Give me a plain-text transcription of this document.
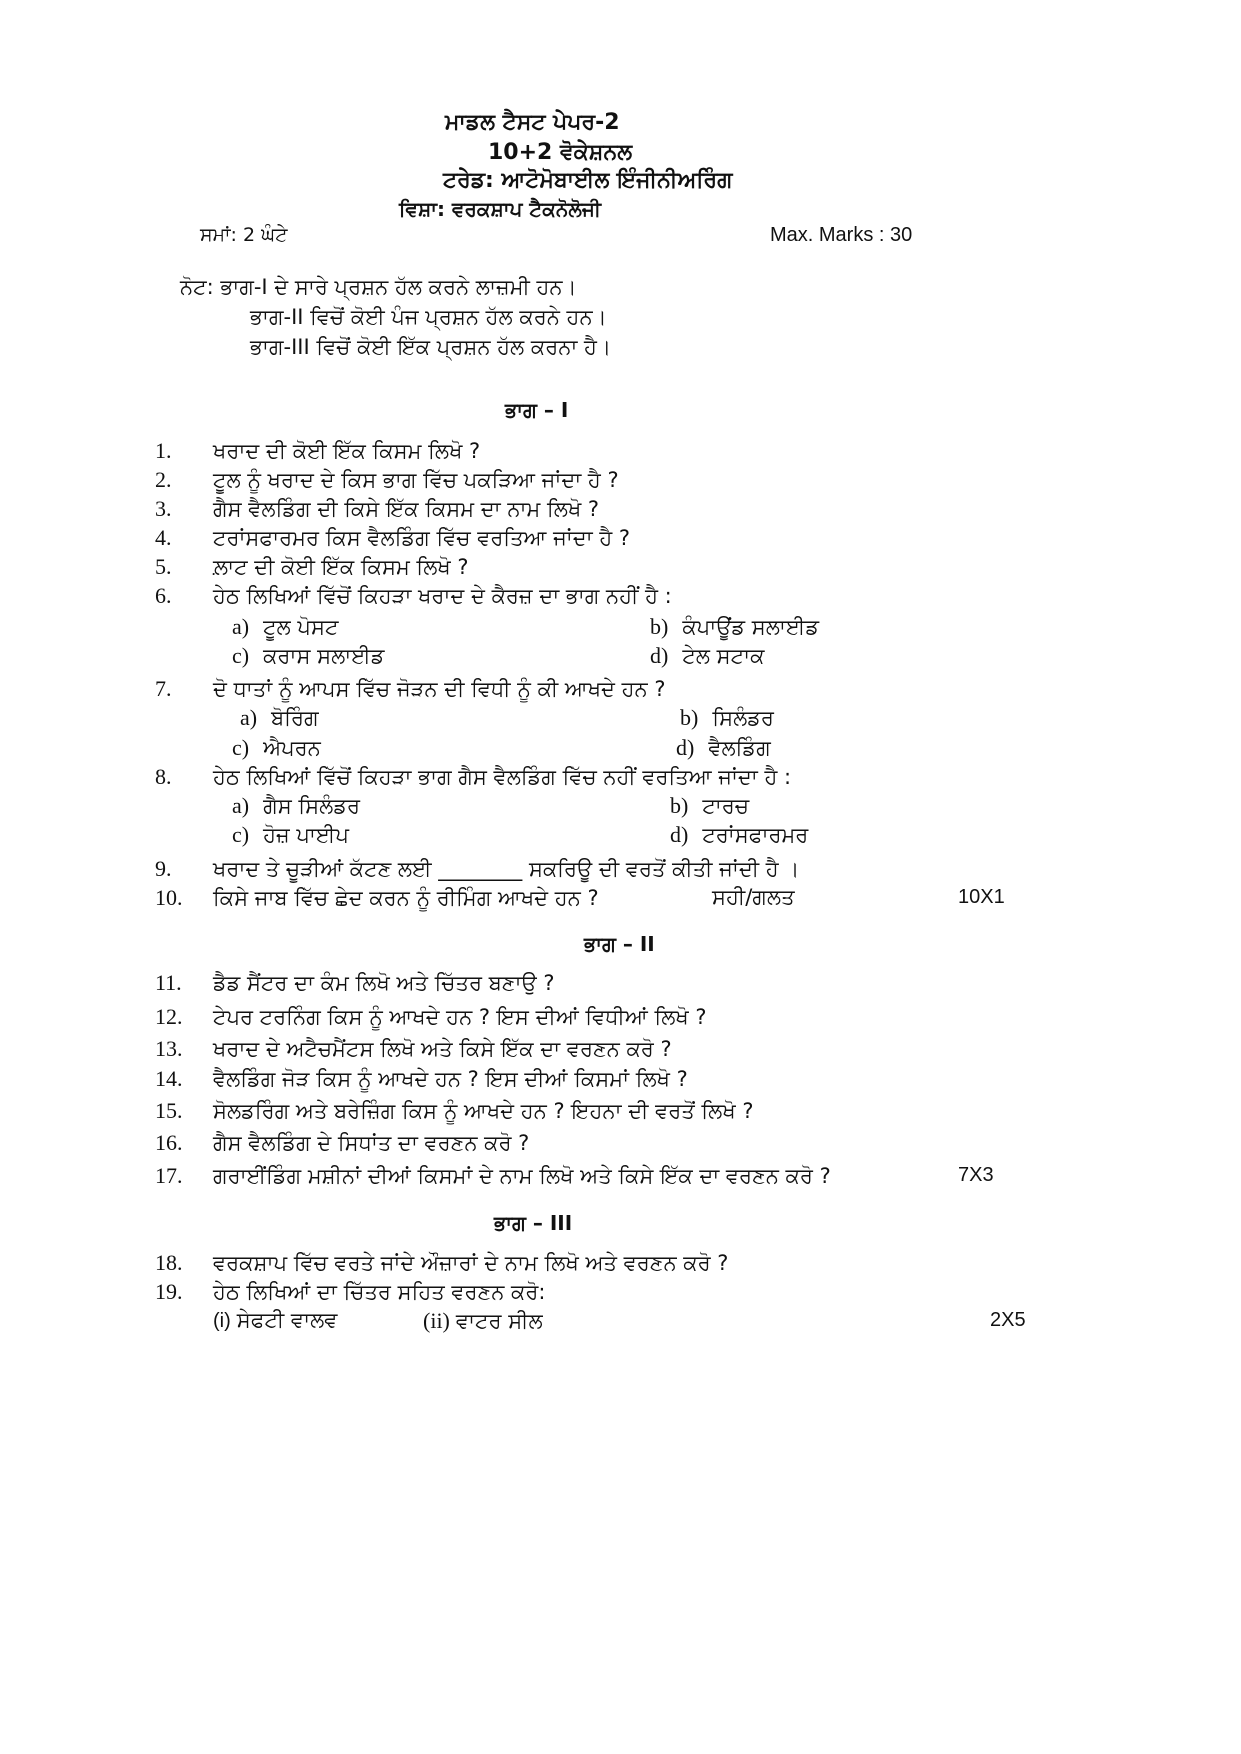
ਮਾਡਲ ਟੈਸਟ ਪੇਪਰ-2
10+2 ਵੋਕੇਸ਼ਨਲ
ਟਰੇਡ: ਆਟੋਮੋਬਾਈਲ ਇੰਜੀਨੀਅਰਿੰਗ
ਵਿਸ਼ਾ: ਵਰਕਸ਼ਾਪ ਟੈਕਨੋਲੋਜੀ
ਸਮਾਂ: 2 ਘੰਟੇ	Max. Marks : 30
ਨੋਟ: ਭਾਗ-I ਦੇ ਸਾਰੇ ਪ੍ਰਸ਼ਨ ਹੱਲ ਕਰਨੇ ਲਾਜ਼ਮੀ ਹਨ।
ਭਾਗ-II ਵਿਚੋਂ ਕੋਈ ਪੰਜ ਪ੍ਰਸ਼ਨ ਹੱਲ ਕਰਨੇ ਹਨ।
ਭਾਗ-III ਵਿਚੋਂ ਕੋਈ ਇੱਕ ਪ੍ਰਸ਼ਨ ਹੱਲ ਕਰਨਾ ਹੈ।
ਭਾਗ – I
1. ਖਰਾਦ ਦੀ ਕੋਈ ਇੱਕ ਕਿਸਮ ਲਿਖੋ ?
2. ਟੂਲ ਨੂੰ ਖਰਾਦ ਦੇ ਕਿਸ ਭਾਗ ਵਿੱਚ ਪਕੜਿਆ ਜਾਂਦਾ ਹੈ ?
3. ਗੈਸ ਵੈਲਡਿੰਗ ਦੀ ਕਿਸੇ ਇੱਕ ਕਿਸਮ ਦਾ ਨਾਮ ਲਿਖੋ ?
4. ਟਰਾਂਸਫਾਰਮਰ ਕਿਸ ਵੈਲਡਿੰਗ ਵਿੱਚ ਵਰਤਿਆ ਜਾਂਦਾ ਹੈ ?
5. ਲ਼ਾਟ ਦੀ ਕੋਈ ਇੱਕ ਕਿਸਮ ਲਿਖੋ ?
6. ਹੇਠ ਲਿਖਿਆਂ ਵਿੱਚੋਂ ਕਿਹੜਾ ਖਰਾਦ ਦੇ ਕੈਰਜ਼ ਦਾ ਭਾਗ ਨਹੀਂ ਹੈ :
a) ਟੂਲ ਪੋਸਟ	b) ਕੰਪਾਊਂਡ ਸਲਾਈਡ
c) ਕਰਾਸ ਸਲਾਈਡ	d) ਟੇਲ ਸਟਾਕ
7. ਦੋ ਧਾਤਾਂ ਨੂੰ ਆਪਸ ਵਿੱਚ ਜੋੜਨ ਦੀ ਵਿਧੀ ਨੂੰ ਕੀ ਆਖਦੇ ਹਨ ?
a) ਬੋਰਿੰਗ	b) ਸਿਲੰਡਰ
c) ਐਪਰਨ	d) ਵੈਲਡਿੰਗ
8. ਹੇਠ ਲਿਖਿਆਂ ਵਿੱਚੋਂ ਕਿਹੜਾ ਭਾਗ ਗੈਸ ਵੈਲਡਿੰਗ ਵਿੱਚ ਨਹੀਂ ਵਰਤਿਆ ਜਾਂਦਾ ਹੈ :
a) ਗੈਸ ਸਿਲੰਡਰ	b) ਟਾਰਚ
c) ਹੋਜ਼ ਪਾਈਪ	d) ਟਰਾਂਸਫਾਰਮਰ
9. ਖਰਾਦ ਤੇ ਚੂੜੀਆਂ ਕੱਟਣ ਲਈ ________ ਸਕਰਿਊ ਦੀ ਵਰਤੋਂ ਕੀਤੀ ਜਾਂਦੀ ਹੈ ।
10. ਕਿਸੇ ਜਾਬ ਵਿੱਚ ਛੇਦ ਕਰਨ ਨੂੰ ਰੀਮਿੰਗ ਆਖਦੇ ਹਨ ?	ਸਹੀ/ਗਲਤ	10X1
ਭਾਗ – II
11. ਡੈਡ ਸੈਂਟਰ ਦਾ ਕੰਮ ਲਿਖੋ ਅਤੇ ਚਿੱਤਰ ਬਣਾਉ ?
12. ਟੇਪਰ ਟਰਨਿੰਗ ਕਿਸ ਨੂੰ ਆਖਦੇ ਹਨ ? ਇਸ ਦੀਆਂ ਵਿਧੀਆਂ ਲਿਖੋ ?
13. ਖਰਾਦ ਦੇ ਅਟੈਚਮੈਂਟਸ ਲਿਖੋ ਅਤੇ ਕਿਸੇ ਇੱਕ ਦਾ ਵਰਣਨ ਕਰੋ ?
14. ਵੈਲਡਿੰਗ ਜੋੜ ਕਿਸ ਨੂੰ ਆਖਦੇ ਹਨ ? ਇਸ ਦੀਆਂ ਕਿਸਮਾਂ ਲਿਖੋ ?
15. ਸੋਲਡਰਿੰਗ ਅਤੇ ਬਰੇਜ਼ਿੰਗ ਕਿਸ ਨੂੰ ਆਖਦੇ ਹਨ ? ਇਹਨਾ ਦੀ ਵਰਤੋਂ ਲਿਖੋ ?
16. ਗੈਸ ਵੈਲਡਿੰਗ ਦੇ ਸਿਧਾਂਤ ਦਾ ਵਰਣਨ ਕਰੋ ?
17. ਗਰਾਈਂਡਿੰਗ ਮਸ਼ੀਨਾਂ ਦੀਆਂ ਕਿਸਮਾਂ ਦੇ ਨਾਮ ਲਿਖੋ ਅਤੇ ਕਿਸੇ ਇੱਕ ਦਾ ਵਰਣਨ ਕਰੋ ?	7X3
ਭਾਗ – III
18. ਵਰਕਸ਼ਾਪ ਵਿੱਚ ਵਰਤੇ ਜਾਂਦੇ ਔਜ਼ਾਰਾਂ ਦੇ ਨਾਮ ਲਿਖੋ ਅਤੇ ਵਰਣਨ ਕਰੋ ?
19. ਹੇਠ ਲਿਖਿਆਂ ਦਾ ਚਿੱਤਰ ਸਹਿਤ ਵਰਣਨ ਕਰੋ:
(i) ਸੇਫਟੀ ਵਾਲਵ	(ii) ਵਾਟਰ ਸੀਲ	2X5
